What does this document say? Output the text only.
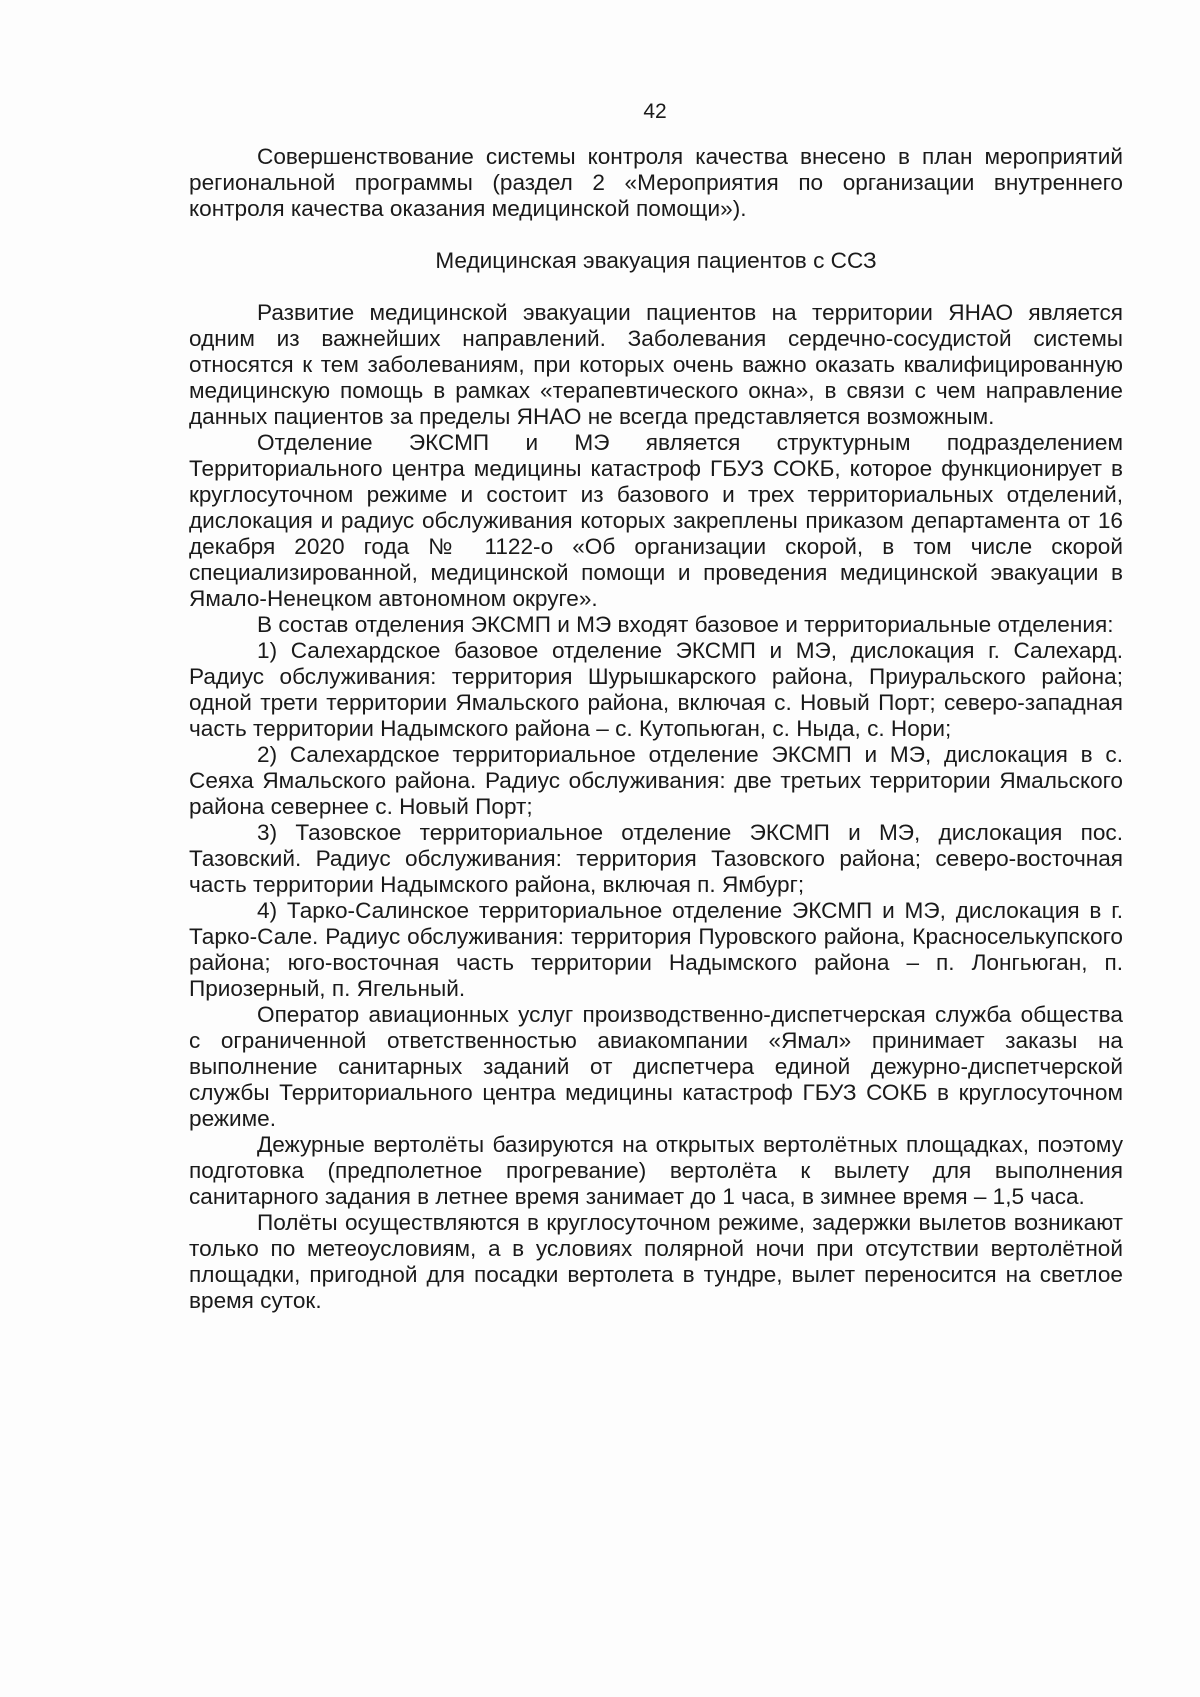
42

Совершенствование системы контроля качества внесено в план мероприятий региональной программы (раздел 2 «Мероприятия по организации внутреннего контроля качества оказания медицинской помощи»).

Медицинская эвакуация пациентов с ССЗ

Развитие медицинской эвакуации пациентов на территории ЯНАО является одним из важнейших направлений. Заболевания сердечно-сосудистой системы относятся к тем заболеваниям, при которых очень важно оказать квалифицированную медицинскую помощь в рамках «терапевтического окна», в связи с чем направление данных пациентов за пределы ЯНАО не всегда представляется возможным.

Отделение ЭКСМП и МЭ является структурным подразделением Территориального центра медицины катастроф ГБУЗ СОКБ, которое функционирует в круглосуточном режиме и состоит из базового и трех территориальных отделений, дислокация и радиус обслуживания которых закреплены приказом департамента от 16 декабря 2020 года № 1122-о «Об организации скорой, в том числе скорой специализированной, медицинской помощи и проведения медицинской эвакуации в Ямало-Ненецком автономном округе».

В состав отделения ЭКСМП и МЭ входят базовое и территориальные отделения:

1) Салехардское базовое отделение ЭКСМП и МЭ, дислокация г. Салехард. Радиус обслуживания: территория Шурышкарского района, Приуральского района; одной трети территории Ямальского района, включая с. Новый Порт; северо-западная часть территории Надымского района – с. Кутопьюган, с. Ныда, с. Нори;

2) Салехардское территориальное отделение ЭКСМП и МЭ, дислокация в с. Сеяха Ямальского района. Радиус обслуживания: две третьих территории Ямальского района севернее с. Новый Порт;

3) Тазовское территориальное отделение ЭКСМП и МЭ, дислокация пос. Тазовский. Радиус обслуживания: территория Тазовского района; северо-восточная часть территории Надымского района, включая п. Ямбург;

4) Тарко-Салинское территориальное отделение ЭКСМП и МЭ, дислокация в г. Тарко-Сале. Радиус обслуживания: территория Пуровского района, Красноселькупского района; юго-восточная часть территории Надымского района – п. Лонгьюган, п. Приозерный, п. Ягельный.

Оператор авиационных услуг производственно-диспетчерская служба общества с ограниченной ответственностью авиакомпании «Ямал» принимает заказы на выполнение санитарных заданий от диспетчера единой дежурно-диспетчерской службы Территориального центра медицины катастроф ГБУЗ СОКБ в круглосуточном режиме.

Дежурные вертолёты базируются на открытых вертолётных площадках, поэтому подготовка (предполетное прогревание) вертолёта к вылету для выполнения санитарного задания в летнее время занимает до 1 часа, в зимнее время – 1,5 часа.

Полёты осуществляются в круглосуточном режиме, задержки вылетов возникают только по метеоусловиям, а в условиях полярной ночи при отсутствии вертолётной площадки, пригодной для посадки вертолета в тундре, вылет переносится на светлое время суток.
